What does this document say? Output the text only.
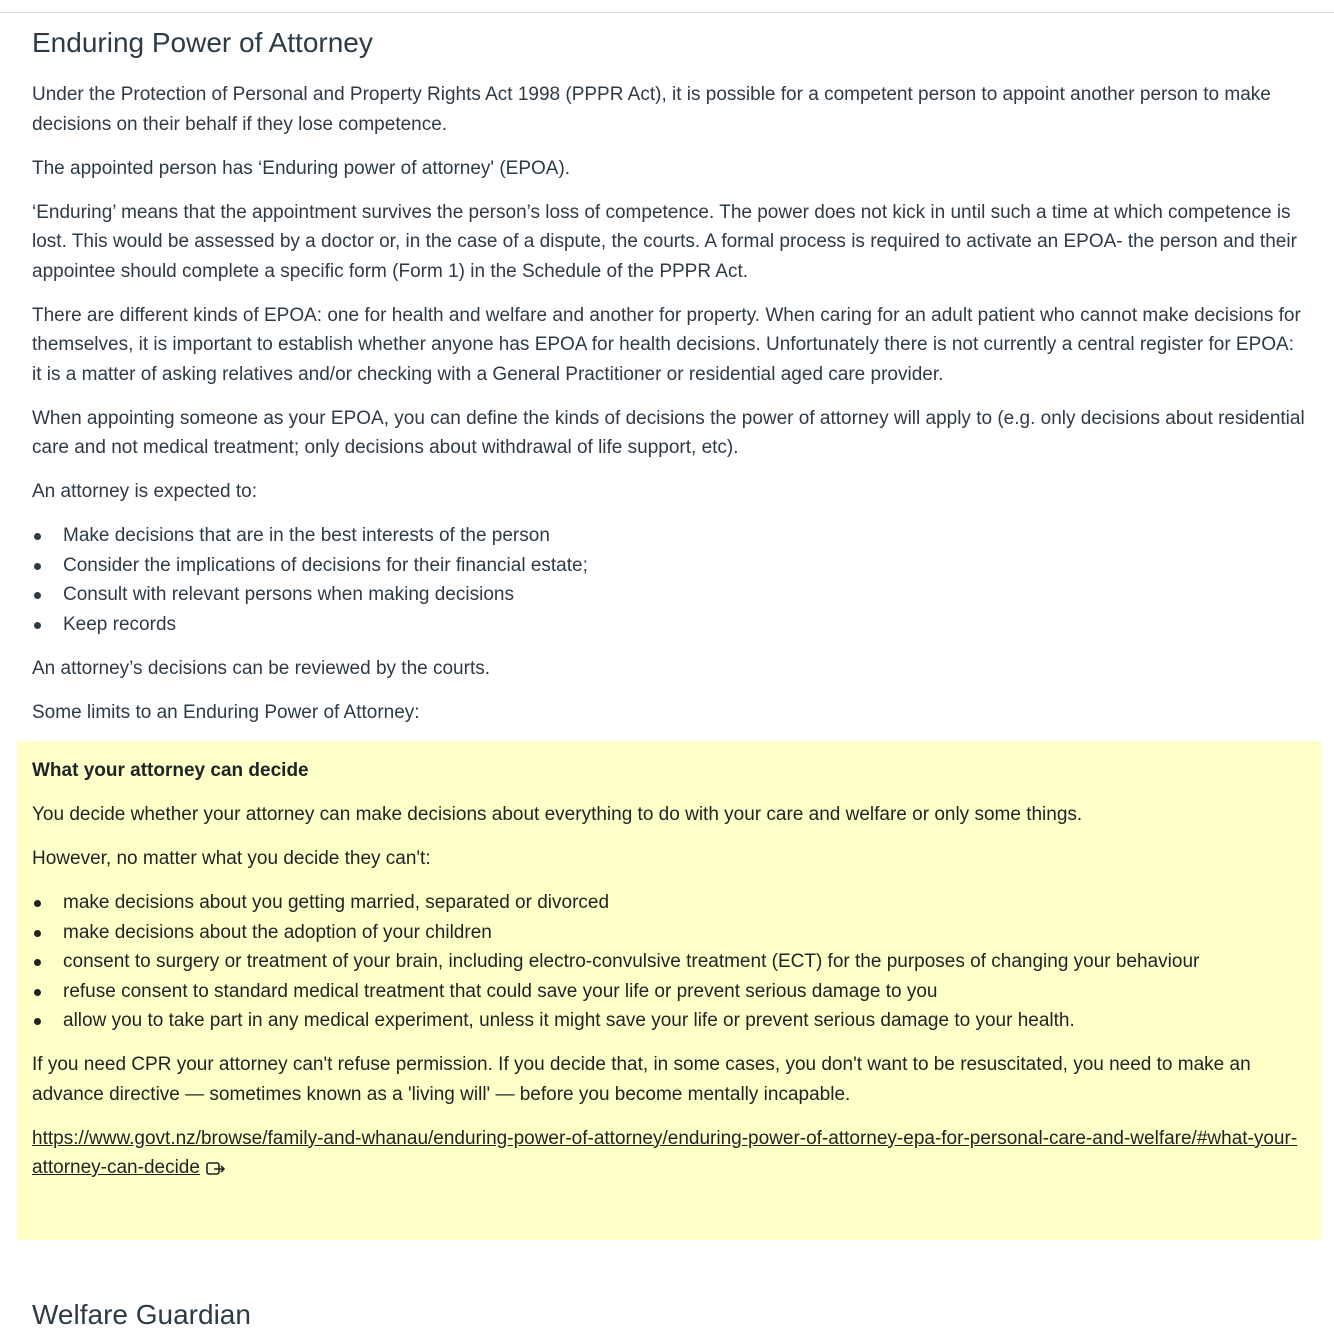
Enduring Power of Attorney

Under the Protection of Personal and Property Rights Act 1998 (PPPR Act), it is possible for a competent person to appoint another person to make decisions on their behalf if they lose competence.

The appointed person has ‘Enduring power of attorney' (EPOA).

‘Enduring’ means that the appointment survives the person’s loss of competence. The power does not kick in until such a time at which competence is lost. This would be assessed by a doctor or, in the case of a dispute, the courts. A formal process is required to activate an EPOA- the person and their appointee should complete a specific form (Form 1) in the Schedule of the PPPR Act.

There are different kinds of EPOA: one for health and welfare and another for property. When caring for an adult patient who cannot make decisions for themselves, it is important to establish whether anyone has EPOA for health decisions. Unfortunately there is not currently a central register for EPOA: it is a matter of asking relatives and/or checking with a General Practitioner or residential aged care provider.

When appointing someone as your EPOA, you can define the kinds of decisions the power of attorney will apply to (e.g. only decisions about residential care and not medical treatment; only decisions about withdrawal of life support, etc).

An attorney is expected to:

Make decisions that are in the best interests of the person
Consider the implications of decisions for their financial estate;
Consult with relevant persons when making decisions
Keep records

An attorney’s decisions can be reviewed by the courts.

Some limits to an Enduring Power of Attorney:

What your attorney can decide

You decide whether your attorney can make decisions about everything to do with your care and welfare or only some things.

However, no matter what you decide they can't:

make decisions about you getting married, separated or divorced
make decisions about the adoption of your children
consent to surgery or treatment of your brain, including electro-convulsive treatment (ECT) for the purposes of changing your behaviour
refuse consent to standard medical treatment that could save your life or prevent serious damage to you
allow you to take part in any medical experiment, unless it might save your life or prevent serious damage to your health.

If you need CPR your attorney can't refuse permission. If you decide that, in some cases, you don't want to be resuscitated, you need to make an advance directive — sometimes known as a 'living will' — before you become mentally incapable.

https://www.govt.nz/browse/family-and-whanau/enduring-power-of-attorney/enduring-power-of-attorney-epa-for-personal-care-and-welfare/#what-your-attorney-can-decide

Welfare Guardian
